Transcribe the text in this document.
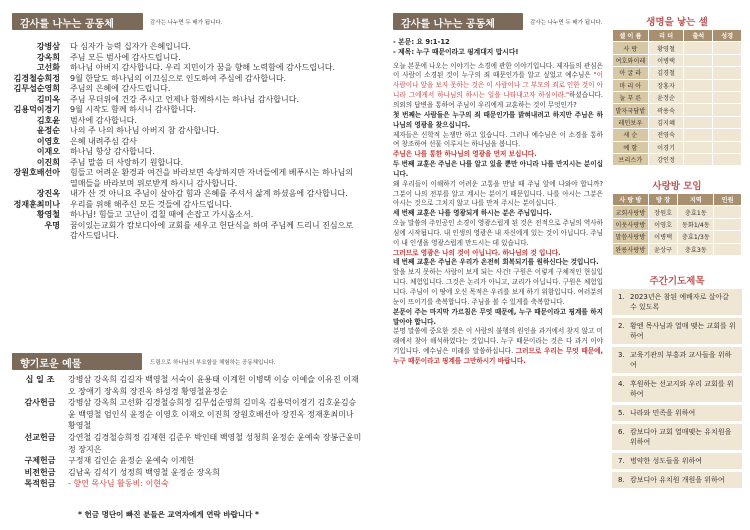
감사를 나누는 공동체	감사는 나누면 두 배가 됩니다.
강병삼	다 심자가 능력 십자가 은혜입니다.
강옥희	주님 모든 범사에 감사드립니다.
고선화	하나님 아버지 감사합니다. 우리 지민이가 꿈을 향해 노력함에 감사드립니다.
김경철승희정	9월 한달도 하나님의 이끄심으로 인도하여 주심에 감사합니다.
김무섭순영희	주님의 은혜에 감사드립니다.
김미옥	주님 무더위에 건강 주시고 언제나 함께하시는 하나님 감사합니다.
김용덕이경기	9월 시작도 함께 하시니 감사합니다.
김호윤	범사에 감사합니다.
윤정순	나의 주 나의 하나님 아버지 참 감사합니다.
이영호	은혜 내려주심 감사
이재오	하나님 항상 감사합니다.
이진희	주님 말씀 더 사랑하기 원합니다.
장원호배선아	힘들고 어려운 환경과 여건을 바라보면 속상하지만 자녀들에게 베푸시는 하나님의 열매들을 바라보며 위로받게 하시니 감사합니다.
장진옥	내가 산 것 아니요 주님이 살아감 힘과 은혜를 주셔서 삶계 하셨음에 감사합니다.
정재훈최미나	우리를 위해 해주신 모든 것들에 감사드립니다.
황영철	하나님! 힘들고 고난이 겹칠 때에 손잡고 가시옵소서.
우명	꿈이있는교회가 캄보디아에 교회를 세우고 헌단식을 하며 주님께 드리니 진심으로 감사드립니다.
향기로운 예물	드림으로 하나님의 부요함을 체험하는 공동체입니다.
십 일 조	강병삼 강옥희 김길자 백영철 서숙이 윤용태 이계헌 이병택 이승 이예슬 이유진 이재오 장애기 장옥희 장진옥 하성경 황영철윤정순
감사헌금	강병삼 강옥희 고선화 김경철승희정 김무섭순영희 김미옥 김용덕이경기 김호윤김승윤 백영철 엄인식 윤정순 이영호 이재오 이진희 장원호배선아 장진옥 정재훈최미나 황영철
선교헌금	강연철 김경철승희정 김재현 김준우 박인태 백영철 성청희 윤정순 윤예숙 장봉근윤미정 장지은
구제헌금	구정재 김인순 윤정순 윤예숙 이계헌
비전헌금	김남욱 김석기 성정희 백영철 윤정순 장옥희
목적헌금	- 향연 목사님 활동비: 이현숙
* 헌금 명단이 빠진 분들은 교역자에게 연락 바랍니다 *
감사를 나누는 공동체	감사는 나누면 두 배가 됩니다.
- 본문: 요 9:1-12
- 제목: 누구 때문이라고 핑계대지 맙시다!

오늘 본문에 나오는 이야기는 소경에 관한 이야기입니다. 제자들의 관심은 이 사람이 소경된 것이 누구의 죄 때문인가를 알고 싶었고 예수님은 "이 사람이나 앞을 보지 못하는 것은 이 사람이나 그 부모의 죄로 인한 것이 아니라 그에게서 하나님의 하시는 일을 나타내고자 하심이라."하셨습니다. 의외의 답변을 통하여 주님이 우리에게 교훈하는 것이 무엇인가?

첫 번째는 사람들은 누구의 죄 때문인가를 밝혀내려고 하지만 주님은 하나님의 영광을 찾으십니다.

제자들은 신학적 논쟁만 하고 있습니다. 그러나 예수님은 이 소경을 통하여 창조하여 선물 이루시는 하나님을 봅니다.

주님은 나를 통한 하나님의 영광을 먼저 보십니다.

두 번째 교훈은 주님은 나를 알고 있을 뿐만 아니라 나를 만지시는 분이십니다.

왜 우리들이 이해하기 어려운 고통을 만날 때 주님 앞에 나와야 합니까? 그분이 나의 전부를 알고 계시는 분이기 때문입니다. 나를 아시는 그분은 아시는 것으로 그치지 않고 나를 만져 주시는 분이십니다.

세 번째 교훈은 나를 영광되게 하시는 분은 주님입니다.

오늘 말씀의 주인공인 소경이 영광스럽게 된 것은 전적으로 주님의 역사하심에 시작됩니다. 내 인생의 영광은 내 자신에게 있는 것이 아닙니다. 주님이 내 인생을 영광스럽게 만드시는 데 있습니다.

그러므로 영광은 나의 것이 아닙니다. 하나님의 것 입니다.

네 번째 교훈은 주님은 우리가 온전히 회복되기를 원하신다는 것입니다.

앞을 보지 못하는 사람이 보게 되는 사건! 구원은 이렇게 구체적인 현실입니다. 체험입니다. 그것은 논리가 아니고, 교리가 아닙니다. 구원은 체험입니다. 주님이 이 땅에 오신 목적은 우리를 보게 하기 위함입니다. 여러분의 눈이 뜨이기를 축복합니다. 주님을 볼 수 있게를 축복합니다.

본문이 주는 마지막 가르침은 무엇 때문에, 누구 때문이라고 핑계를 하지 말아야 합니다.

분명 말씀에 중요한 것은 이 사람의 불행의 원인을 과거에서 찾지 않고 미래에서 찾아 해석하였다는 것입니다. 누구 때문이라는 것은 다 과거 이야기입니다. 예수님은 미래를 말씀하십니다. 그러므로 우리는 무엇 때문에, 누구 때문이라고 핑계를 그만하시기 바랍니다.

생명을 낳는 셀
셀 이 름	리 더	출석	성경
사 랑	황영철		
여호와이레	이병택		
아 굴 라	김경철		
마 리 아	장홍자		
눌 푸 른	윤정순		
발자국담밭	곽용숙		
레인보우	김지혜		
새 순	전영숙		
예 함	이경기		
브리스가	강인정		
사랑방 모임
사 랑 방	방 장	지역	인원
교회사랑방	장원호	충효1동	
이웃사랑방	이영호	동화1/4동	
말씀사랑방	이병택	충효1/3동	
완릉사랑방	윤상구	충효3동	
주간기도제목
1. 2023년은 참된 예배자로 살아갈 수 있도록
2. 황엔 목사님과 열매 맺는 교회를 위하여
3. 교육기관의 부흥과 교사들을 위하여
4. 후원하는 선교지와 우리 교회를 위하여
5. 나라와 민족을 위하여
6. 캄보디아 교회 열매맺는 유치원을 위하여
7. 병약한 성도들을 위하여
8. 캄보디아 유치원 개원을 위하여
